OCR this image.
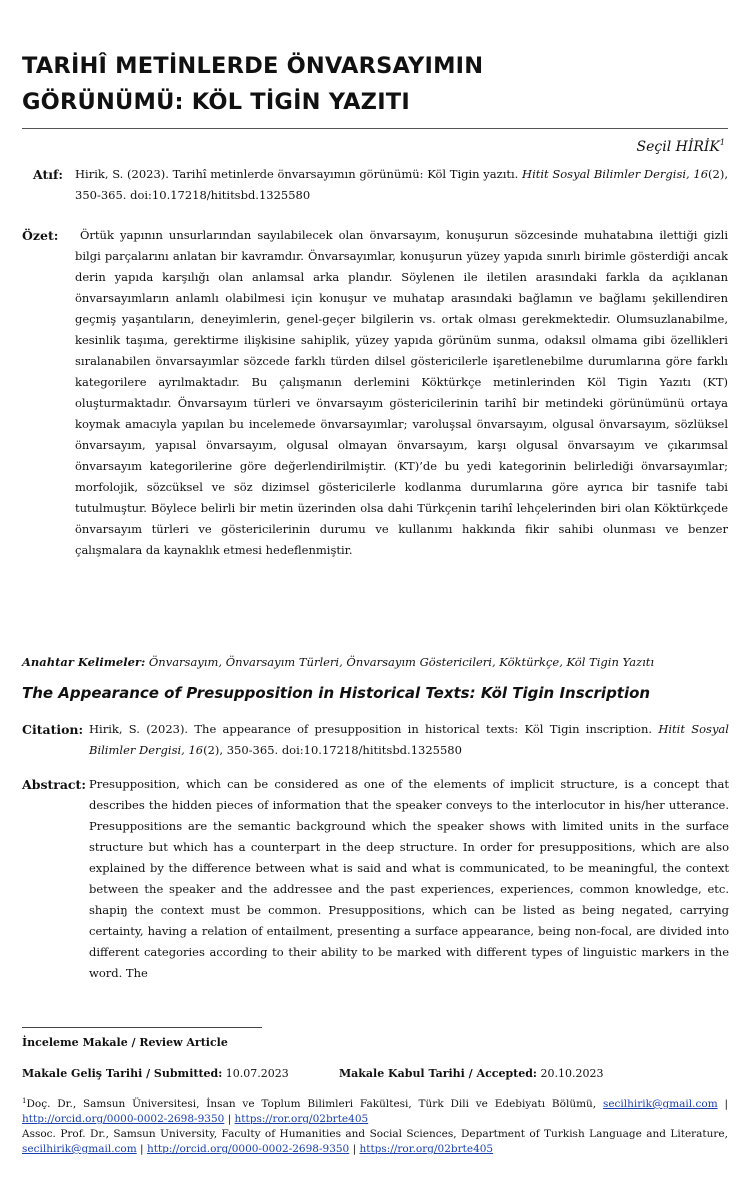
TARİHÎ METİNLERDE ÖNVARSAYIMIN
GÖRÜNÜMÜ: KÖL TİGİN YAZITI
Seçil HİRİK$^1$
Atıf: Hirik, S. (2023). Tarihî metinlerde önvarsayımın görünümü: Köl Tigin yazıtı. Hitit Sosyal Bilimler Dergisi, 16(2), 350-365. doi:10.17218/hititsbd.1325580
Özet:	Örtük yapının unsurlarından sayılabilecek olan önvarsayım, konuşurun sözcesinde muhatabına ilettiği gizli bilgi parçalarını anlatan bir kavramdır. Önvarsayımlar, konuşurun yüzey yapıda sınırlı birimle gösterdiği ancak derin yapıda karşılığı olan anlamsal arka plandır. Söylenen ile iletilen arasındaki farkla da açıklanan önvarsayımların anlamlı olabilmesi için konuşur ve muhatap arasındaki bağlamın ve bağlamı şekillendiren geçmiş yaşantıların, deneyimlerin, genel-geçer bilgilerin vs. ortak olması gerekmektedir. Olumsuzlanabilme, kesinlik taşıma, gerektirme ilişkisine sahiplik, yüzey yapıda görünüm sunma, odaksıl olmama gibi özellikleri sıralanabilen önvarsayımlar sözcede farklı türden dilsel göstericilerle işaretlenebilme durumlarına göre farklı kategorilere ayrılmaktadır. Bu çalışmanın derlemini Köktürkçe metinlerinden Köl Tigin Yazıtı (KT) oluşturmaktadır. Önvarsayım türleri ve önvarsayım göstericilerinin tarihî bir metindeki görünümünü ortaya koymak amacıyla yapılan bu incelemede önvarsayımlar; varoluşsal önvarsayım, olgusal önvarsayım, sözlüksel önvarsayım, yapısal önvarsayım, olgusal olmayan önvarsayım, karşı olgusal önvarsayım ve çıkarımsal önvarsayım kategorilerine göre değerlendirilmiştir. (KT)’de bu yedi kategorinin belirlediği önvarsayımlar; morfolojik, sözcüksel ve söz dizimsel göstericilerle kodlanma durumlarına göre ayrıca bir tasnife tabi tutulmuştur. Böylece belirli bir metin üzerinden olsa dahi Türkçenin tarihî lehçelerinden biri olan Köktürkçede önvarsayım türleri ve göstericilerinin durumu ve kullanımı hakkında fikir sahibi olunması ve benzer çalışmalara da kaynaklık etmesi hedeflenmiştir.
Anahtar Kelimeler: Önvarsayım, Önvarsayım Türleri, Önvarsayım Göstericileri, Köktürkçe, Köl Tigin Yazıtı
The Appearance of Presupposition in Historical Texts: Köl Tigin Inscription
Citation: Hirik, S. (2023). The appearance of presupposition in historical texts: Köl Tigin inscription. Hitit Sosyal Bilimler Dergisi, 16(2), 350-365. doi:10.17218/hititsbd.1325580
Abstract: Presupposition, which can be considered as one of the elements of implicit structure, is a concept that describes the hidden pieces of information that the speaker conveys to the interlocutor in his/her utterance. Presuppositions are the semantic background which the speaker shows with limited units in the surface structure but which has a counterpart in the deep structure. In order for presuppositions, which are also explained by the difference between what is said and what is communicated, to be meaningful, the context between the speaker and the addressee and the past experiences, experiences, common knowledge, etc. shapiŋ the context must be common. Presuppositions, which can be listed as being negated, carrying certainty, having a relation of entailment, presenting a surface appearance, being non-focal, are divided into different categories according to their ability to be marked with different types of linguistic markers in the word. The
İnceleme Makale / Review Article
Makale Geliş Tarihi / Submitted: 10.07.2023	Makale Kabul Tarihi / Accepted: 20.10.2023
$^1$Doç. Dr., Samsun Üniversitesi, İnsan ve Toplum Bilimleri Fakültesi, Türk Dili ve Edebiyatı Bölümü, secilhirik@gmail.com | http://orcid.org/0000-0002-2698-9350 | https://ror.org/02brte405
Assoc. Prof. Dr., Samsun University, Faculty of Humanities and Social Sciences, Department of Turkish Language and Literature, secilhirik@gmail.com | http://orcid.org/0000-0002-2698-9350 | https://ror.org/02brte405
